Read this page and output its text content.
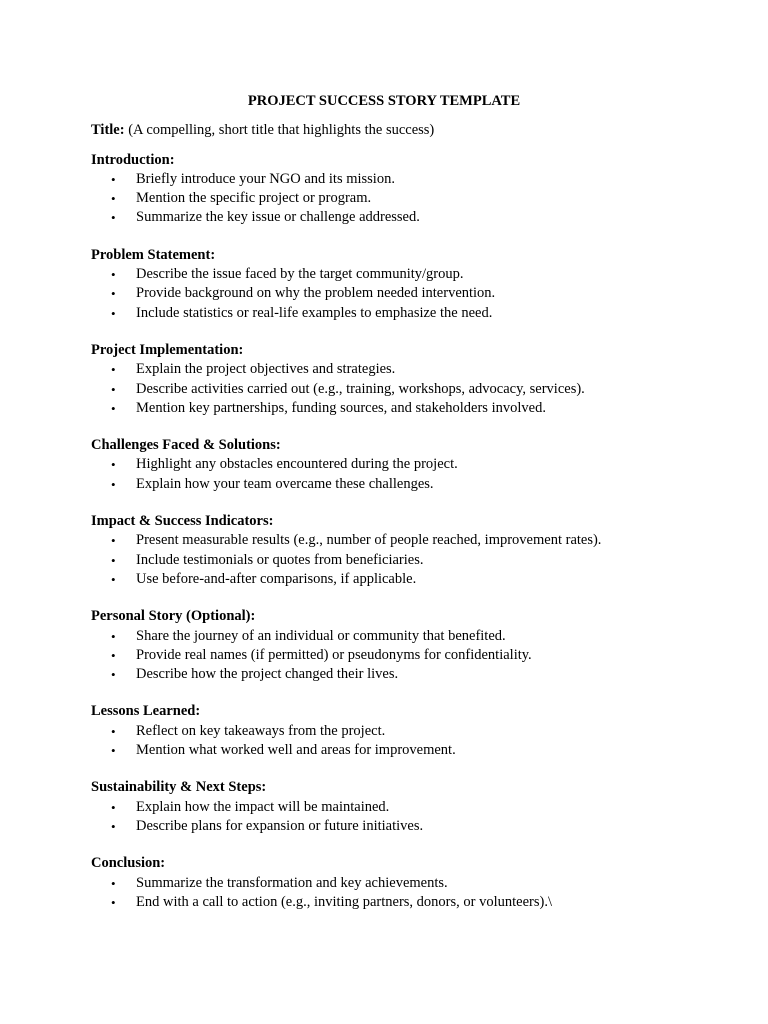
PROJECT SUCCESS STORY TEMPLATE
Title: (A compelling, short title that highlights the success)
Introduction:
• Briefly introduce your NGO and its mission.
• Mention the specific project or program.
• Summarize the key issue or challenge addressed.
Problem Statement:
• Describe the issue faced by the target community/group.
• Provide background on why the problem needed intervention.
• Include statistics or real-life examples to emphasize the need.
Project Implementation:
• Explain the project objectives and strategies.
• Describe activities carried out (e.g., training, workshops, advocacy, services).
• Mention key partnerships, funding sources, and stakeholders involved.
Challenges Faced & Solutions:
• Highlight any obstacles encountered during the project.
• Explain how your team overcame these challenges.
Impact & Success Indicators:
• Present measurable results (e.g., number of people reached, improvement rates).
• Include testimonials or quotes from beneficiaries.
• Use before-and-after comparisons, if applicable.
Personal Story (Optional):
• Share the journey of an individual or community that benefited.
• Provide real names (if permitted) or pseudonyms for confidentiality.
• Describe how the project changed their lives.
Lessons Learned:
• Reflect on key takeaways from the project.
• Mention what worked well and areas for improvement.
Sustainability & Next Steps:
• Explain how the impact will be maintained.
• Describe plans for expansion or future initiatives.
Conclusion:
• Summarize the transformation and key achievements.
• End with a call to action (e.g., inviting partners, donors, or volunteers).\
